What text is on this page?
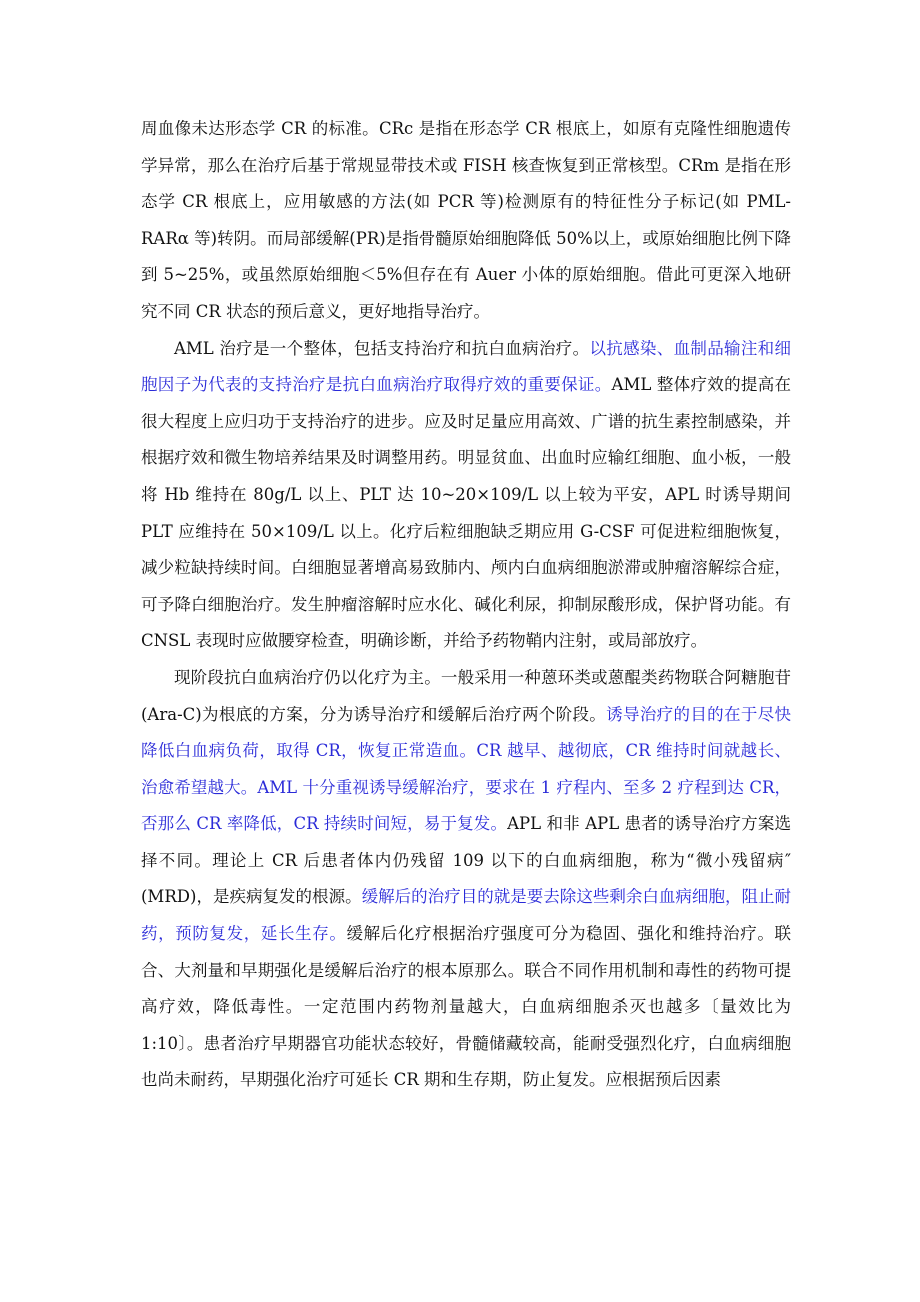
周血像未达形态学 CR 的标准。CRc 是指在形态学 CR 根底上，如原有克隆性细胞遗传学异常，那么在治疗后基于常规显带技术或 FISH 核查恢复到正常核型。CRm 是指在形态学 CR 根底上，应用敏感的方法(如 PCR 等)检测原有的特征性分子标记(如 PML-RARα 等)转阴。而局部缓解(PR)是指骨髓原始细胞降低 50%以上，或原始细胞比例下降到 5~25%，或虽然原始细胞＜5%但存在有 Auer 小体的原始细胞。借此可更深入地研究不同 CR 状态的预后意义，更好地指导治疗。

AML 治疗是一个整体，包括支持治疗和抗白血病治疗。以抗感染、血制品输注和细胞因子为代表的支持治疗是抗白血病治疗取得疗效的重要保证。AML 整体疗效的提高在很大程度上应归功于支持治疗的进步。应及时足量应用高效、广谱的抗生素控制感染，并根据疗效和微生物培养结果及时调整用药。明显贫血、出血时应输红细胞、血小板，一般将 Hb 维持在 80g/L 以上、PLT 达 10~20×109/L 以上较为平安，APL 时诱导期间 PLT 应维持在 50×109/L 以上。化疗后粒细胞缺乏期应用 G-CSF 可促进粒细胞恢复，减少粒缺持续时间。白细胞显著增高易致肺内、颅内白血病细胞淤滞或肿瘤溶解综合症，可予降白细胞治疗。发生肿瘤溶解时应水化、碱化利尿，抑制尿酸形成，保护肾功能。有 CNSL 表现时应做腰穿检查，明确诊断，并给予药物鞘内注射，或局部放疗。

现阶段抗白血病治疗仍以化疗为主。一般采用一种蒽环类或蒽醌类药物联合阿糖胞苷(Ara-C)为根底的方案，分为诱导治疗和缓解后治疗两个阶段。诱导治疗的目的在于尽快降低白血病负荷，取得 CR，恢复正常造血。CR 越早、越彻底，CR 维持时间就越长、治愈希望越大。AML 十分重视诱导缓解治疗，要求在 1 疗程内、至多 2 疗程到达 CR，否那么 CR 率降低，CR 持续时间短，易于复发。APL 和非 APL 患者的诱导治疗方案选择不同。理论上 CR 后患者体内仍残留 109 以下的白血病细胞，称为“微小残留病″ (MRD)，是疾病复发的根源。缓解后的治疗目的就是要去除这些剩余白血病细胞，阻止耐药，预防复发，延长生存。缓解后化疗根据治疗强度可分为稳固、强化和维持治疗。联合、大剂量和早期强化是缓解后治疗的根本原那么。联合不同作用机制和毒性的药物可提高疗效，降低毒性。一定范围内药物剂量越大，白血病细胞杀灭也越多〔量效比为 1:10〕。患者治疗早期器官功能状态较好，骨髓储藏较高，能耐受强烈化疗，白血病细胞也尚未耐药，早期强化治疗可延长 CR 期和生存期，防止复发。应根据预后因素
